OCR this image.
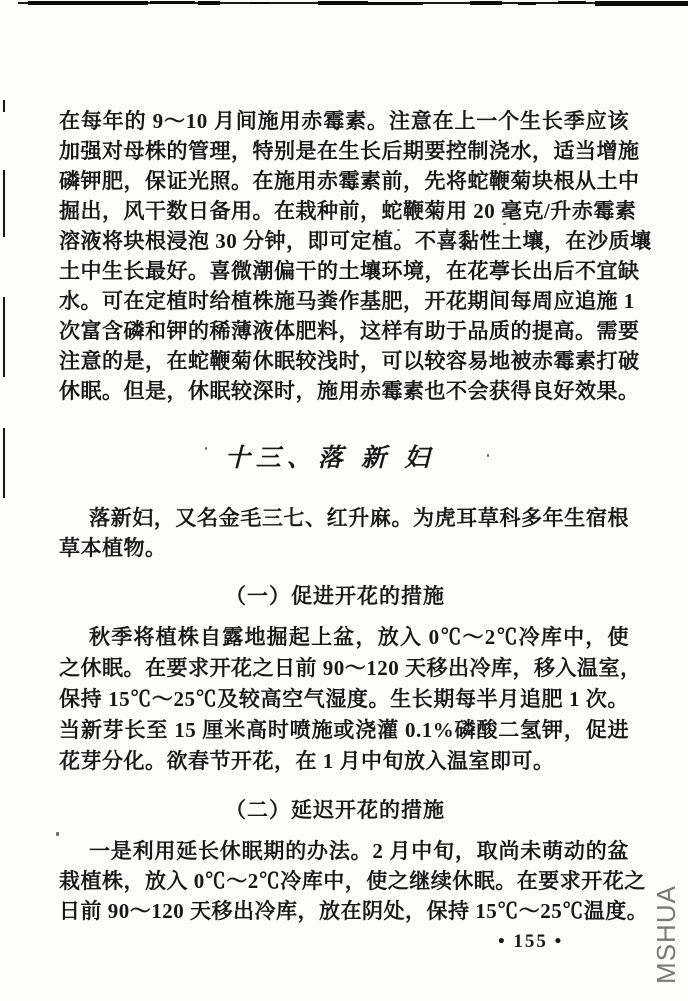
在每年的 9～10 月间施用赤霉素。注意在上一个生长季应该
加强对母株的管理，特别是在生长后期要控制浇水，适当增施
磷钾肥，保证光照。在施用赤霉素前，先将蛇鞭菊块根从土中
掘出，风干数日备用。在栽种前，蛇鞭菊用 20 毫克/升赤霉素
溶液将块根浸泡 30 分钟，即可定植。不喜黏性土壤，在沙质壤
土中生长最好。喜微潮偏干的土壤环境，在花葶长出后不宜缺
水。可在定植时给植株施马粪作基肥，开花期间每周应追施 1
次富含磷和钾的稀薄液体肥料，这样有助于品质的提高。需要
注意的是，在蛇鞭菊休眠较浅时，可以较容易地被赤霉素打破
休眠。但是，休眠较深时，施用赤霉素也不会获得良好效果。
十三、落 新 妇
落新妇，又名金毛三七、红升麻。为虎耳草科多年生宿根
草本植物。
（一）促进开花的措施
秋季将植株自露地掘起上盆，放入 0℃～2℃冷库中，使
之休眠。在要求开花之日前 90～120 天移出冷库，移入温室，
保持 15℃～25℃及较高空气湿度。生长期每半月追肥 1 次。
当新芽长至 15 厘米高时喷施或浇灌 0.1%磷酸二氢钾，促进
花芽分化。欲春节开花，在 1 月中旬放入温室即可。
（二）延迟开花的措施
一是利用延长休眠期的办法。2 月中旬，取尚未萌动的盆
栽植株，放入 0℃～2℃冷库中，使之继续休眠。在要求开花之
日前 90～120 天移出冷库，放在阴处，保持 15℃～25℃温度。
• 155 •	MSHUA
